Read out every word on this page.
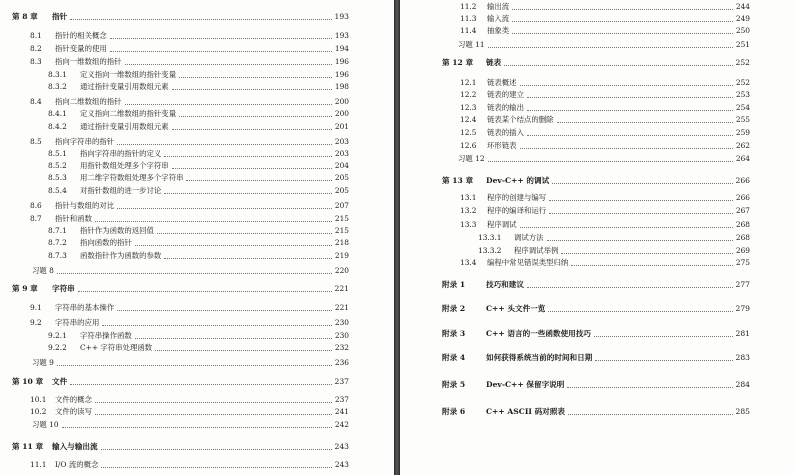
第 8 章	指针	193
8.1	指针的相关概念	193
8.2	指针变量的使用	194
8.3	指向一维数组的指针	196
8.3.1	定义指向一维数组的指针变量	196
8.3.2	通过指针变量引用数组元素	198
8.4	指向二维数组的指针	200
8.4.1	定义指向二维数组的指针变量	200
8.4.2	通过指针变量引用数组元素	201
8.5	指向字符串的指针	203
8.5.1	指向字符串的指针的定义	203
8.5.2	用指针数组处理多个字符串	204
8.5.3	用二维字符数组处理多个字符串	205
8.5.4	对指针数组的进一步讨论	205
8.6	指针与数组的对比	207
8.7	指针和函数	215
8.7.1	指针作为函数的返回值	215
8.7.2	指向函数的指针	218
8.7.3	函数指针作为函数的参数	219
习题 8	220
第 9 章	字符串	221
9.1	字符串的基本操作	221
9.2	字符串的应用	230
9.2.1	字符串操作函数	230
9.2.2	C++ 字符串处理函数	232
习题 9	236
第 10 章	文件	237
10.1	文件的概念	237
10.2	文件的读写	241
习题 10	242
第 11 章	输入与输出流	243
11.1	I/O 流的概念	243
11.2	输出流	244
11.3	输入流	249
11.4	抽象类	250
习题 11	251
第 12 章	链表	252
12.1	链表概述	252
12.2	链表的建立	253
12.3	链表的输出	254
12.4	链表某个结点的删除	255
12.5	链表的插入	259
12.6	环形链表	262
习题 12	264
第 13 章	Dev-C++ 的调试	266
13.1	程序的创建与编写	266
13.2	程序的编译和运行	267
13.3	程序调试	268
13.3.1	调试方法	268
13.3.2	程序调试举例	269
13.4	编程中常见错误类型归纳	275
附录 1	技巧和建议	277
附录 2	C++ 头文件一览	279
附录 3	C++ 语言的一些函数使用技巧	281
附录 4	如何获得系统当前的时间和日期	283
附录 5	Dev-C++ 保留字说明	284
附录 6	C++ ASCII 码对照表	285
